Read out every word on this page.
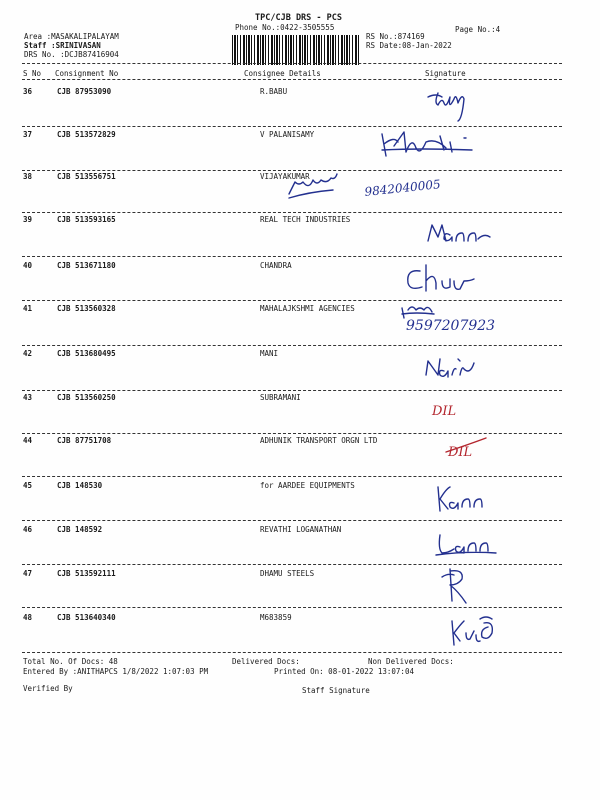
TPC/CJB DRS - PCS
Phone No.:0422-3505555	Page No.:4
Area :MASAKALIPALAYAM
Staff :SRINIVASAN
DRS No. :DCJB87416904
RS No.:874169
RS Date:08-Jan-2022
S No Consignment No	Consignee Details	Signature
36	CJB 87953090	R.BABU
37	CJB 513572829	V PALANISAMY
38	CJB 513556751	VIJAYAKUMAR
9842040005
39	CJB 513593165	REAL TECH INDUSTRIES
40	CJB 513671180	CHANDRA
41	CJB 513560328	MAHALAJKSHMI AGENCIES
9597207923
42	CJB 513680495	MANI
43	CJB 513560250	SUBRAMANI
DIL
44	CJB 87751708	ADHUNIK TRANSPORT ORGN LTD
DIL
45	CJB 148530	for AARDEE EQUIPMENTS
46	CJB 148592	REVATHI LOGANATHAN
47	CJB 513592111	DHAMU STEELS
48	CJB 513640340	M683859
Total No. Of Docs: 48	Delivered Docs:	Non Delivered Docs:
Entered By :ANITHAPCS 1/8/2022 1:07:03 PM	Printed On: 08-01-2022 13:07:04
Verified By	Staff Signature
